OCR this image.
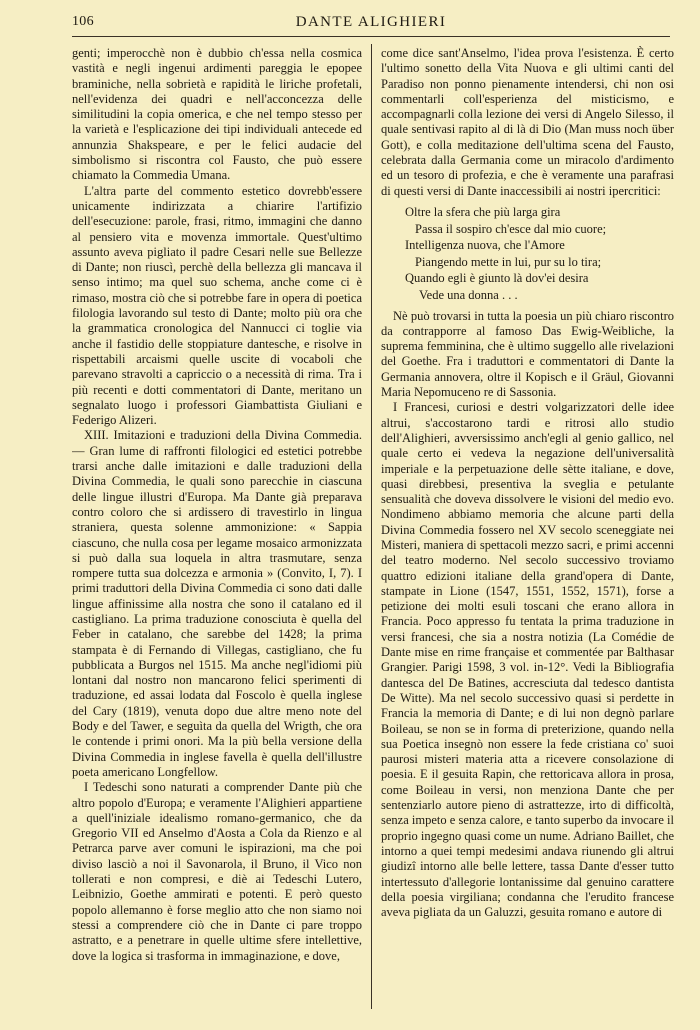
106	DANTE ALIGHIERI

genti; imperocchè non è dubbio ch'essa nella cosmica vastità e negli ingenui ardimenti pareggia le epopee braminiche, nella sobrietà e rapidità le liriche profetali, nell'evidenza dei quadri e nell'acconcezza delle similitudini la copia omerica, e che nel tempo stesso per la varietà e l'esplicazione dei tipi individuali antecede ed annunzia Shakspeare, e per le felici audacie del simbolismo si riscontra col Fausto, che può essere chiamato la Commedia Umana.

L'altra parte del commento estetico dovrebb'essere unicamente indirizzata a chiarire l'artifizio dell'esecuzione: parole, frasi, ritmo, immagini che danno al pensiero vita e movenza immortale. Quest'ultimo assunto aveva pigliato il padre Cesari nelle sue Bellezze di Dante; non riuscì, perchè della bellezza gli mancava il senso intimo; ma quel suo schema, anche come ci è rimaso, mostra ciò che si potrebbe fare in opera di poetica filologia lavorando sul testo di Dante; molto più ora che la grammatica cronologica del Nannucci ci toglie via anche il fastidio delle stoppiature dantesche, e risolve in rispettabili arcaismi quelle uscite di vocaboli che parevano stravolti a capriccio o a necessità di rima. Tra i più recenti e dotti commentatori di Dante, meritano un segnalato luogo i professori Giambattista Giuliani e Federigo Alizeri.

XIII. Imitazioni e traduzioni della Divina Commedia. — Gran lume di raffronti filologici ed estetici potrebbe trarsi anche dalle imitazioni e dalle traduzioni della Divina Commedia, le quali sono parecchie in ciascuna delle lingue illustri d'Europa. Ma Dante già preparava contro coloro che si ardissero di travestirlo in lingua straniera, questa solenne ammonizione: « Sappia ciascuno, che nulla cosa per legame mosaico armonizzata si può dalla sua loquela in altra trasmutare, senza rompere tutta sua dolcezza e armonia » (Convito, I, 7). I primi traduttori della Divina Commedia ci sono dati dalle lingue affinissime alla nostra che sono il catalano ed il castigliano. La prima traduzione conosciuta è quella del Feber in catalano, che sarebbe del 1428; la prima stampata è di Fernando di Villegas, castigliano, che fu pubblicata a Burgos nel 1515. Ma anche negl'idiomi più lontani dal nostro non mancarono felici sperimenti di traduzione, ed assai lodata dal Foscolo è quella inglese del Cary (1819), venuta dopo due altre meno note del Body e del Tawer, e seguìta da quella del Wrigth, che ora le contende i primi onori. Ma la più bella versione della Divina Commedia in inglese favella è quella dell'illustre poeta americano Longfellow.

I Tedeschi sono naturati a comprender Dante più che altro popolo d'Europa; e veramente l'Alighieri appartiene a quell'iniziale idealismo romano-germanico, che da Gregorio VII ed Anselmo d'Aosta a Cola da Rienzo e al Petrarca parve aver comuni le ispirazioni, ma che poi diviso lasciò a noi il Savonarola, il Bruno, il Vico non tollerati e non compresi, e diè ai Tedeschi Lutero, Leibnizio, Goethe ammirati e potenti. E però questo popolo allemanno è forse meglio atto che non siamo noi stessi a comprendere ciò che in Dante ci pare troppo astratto, e a penetrare in quelle ultime sfere intellettive, dove la logica si trasforma in immaginazione, e dove,

come dice sant'Anselmo, l'idea prova l'esistenza. È certo l'ultimo sonetto della Vita Nuova e gli ultimi canti del Paradiso non ponno pienamente intendersi, chi non osi commentarli coll'esperienza del misticismo, e accompagnarli colla lezione dei versi di Angelo Silesso, il quale sentivasi rapito al di là di Dio (Man muss noch über Gott), e colla meditazione dell'ultima scena del Fausto, celebrata dalla Germania come un miracolo d'ardimento ed un tesoro di profezia, e che è veramente una parafrasi di questi versi di Dante inaccessibili ai nostri ipercritici:

Oltre la sfera che più larga gira
Passa il sospiro ch'esce dal mio cuore;
Intelligenza nuova, che l'Amore
Piangendo mette in lui, pur su lo tira;
Quando egli è giunto là dov'ei desira
Vede una donna . . .

Nè può trovarsi in tutta la poesia un più chiaro riscontro da contrapporre al famoso Das Ewig-Weibliche, la suprema femminina, che è ultimo suggello alle rivelazioni del Goethe. Fra i traduttori e commentatori di Dante la Germania annovera, oltre il Kopisch e il Gräul, Giovanni Maria Nepomuceno re di Sassonia.

I Francesi, curiosi e destri volgarizzatori delle idee altrui, s'accostarono tardi e ritrosi allo studio dell'Alighieri, avversissimo anch'egli al genio gallico, nel quale certo ei vedeva la negazione dell'universalità imperiale e la perpetuazione delle sètte italiane, e dove, quasi direbbesi, presentiva la sveglia e petulante sensualità che doveva dissolvere le visioni del medio evo. Nondimeno abbiamo memoria che alcune parti della Divina Commedia fossero nel XV secolo sceneggiate nei Misteri, maniera di spettacoli mezzo sacri, e primi accenni del teatro moderno. Nel secolo successivo troviamo quattro edizioni italiane della grand'opera di Dante, stampate in Lione (1547, 1551, 1552, 1571), forse a petizione dei molti esuli toscani che erano allora in Francia. Poco appresso fu tentata la prima traduzione in versi francesi, che sia a nostra notizia (La Comédie de Dante mise en rime française et commentée par Balthasar Grangier. Parigi 1598, 3 vol. in-12°. Vedi la Bibliografia dantesca del De Batines, accresciuta dal tedesco dantista De Witte). Ma nel secolo successivo quasi si perdette in Francia la memoria di Dante; e di lui non degnò parlare Boileau, se non se in forma di preterizione, quando nella sua Poetica insegnò non essere la fede cristiana co' suoi paurosi misteri materia atta a ricevere consolazione di poesia. E il gesuita Rapin, che rettoricava allora in prosa, come Boileau in versi, non menziona Dante che per sentenziarlo autore pieno di astrattezze, irto di difficoltà, senza impeto e senza calore, e tanto superbo da invocare il proprio ingegno quasi come un nume. Adriano Baillet, che intorno a quei tempi medesimi andava riunendo gli altrui giudizî intorno alle belle lettere, tassa Dante d'esser tutto intertessuto d'allegorie lontanissime dal genuino carattere della poesia virgiliana; condanna che l'erudito francese aveva pigliata da un Galuzzi, gesuita romano e autore di
